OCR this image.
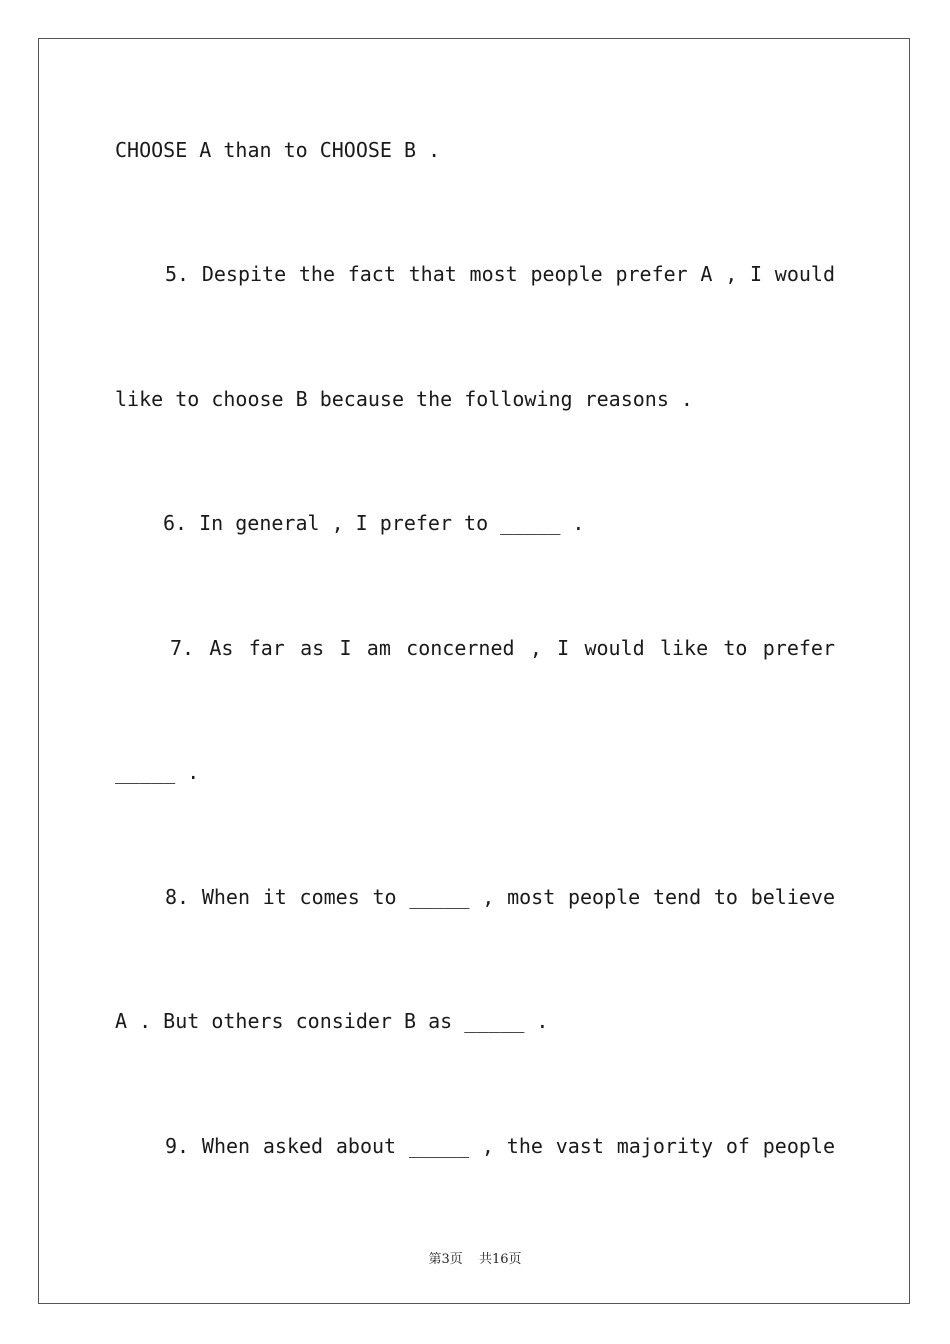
CHOOSE A than to CHOOSE B .
5. Despite the fact that most people prefer A , I would
like to choose B because the following reasons .
6. In general , I prefer to _____ .
7. As far as I am concerned , I would like to prefer
_____ .
8. When it comes to _____ , most people tend to believe
A . But others consider B as _____ .
9. When asked about _____ , the vast majority of people
第3页 共16页
